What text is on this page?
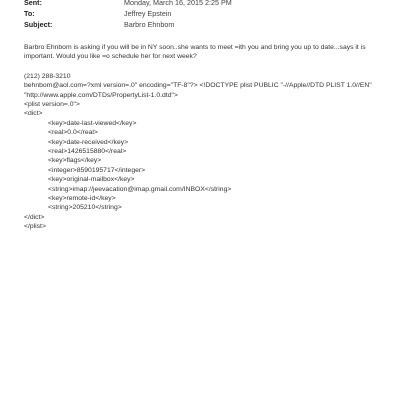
Sent:	Monday, March 16, 2015 2:25 PM
To:	Jeffrey Epstein
Subject:	Barbro Ehnbom

Barbro Ehnbom is asking if you will be in NY soon..she wants to meet =ith you and bring you up to date...says it is important. Would you like =o schedule her for next week?

(212) 288-3210
behnbom@aol.com=?xml version=.0" encoding="TF-8"?> <!DOCTYPE plist PUBLIC "-//Apple//DTD PLIST 1.0//EN"
"http://www.apple.com/DTDs/PropertyList-1.0.dtd">
<plist version=.0">
<dict>
<key>date-last-viewed</key>
<real>0.0</real>
<key>date-received</key>
<real>1426515880</real>
<key>flags</key>
<integer>8590195717</integer>
<key>original-mailbox</key>
<string>imap://jeevacation@imap.gmail.com/INBOX</string>
<key>remote-id</key>
<string>205210</string>
</dict>
</plist>
